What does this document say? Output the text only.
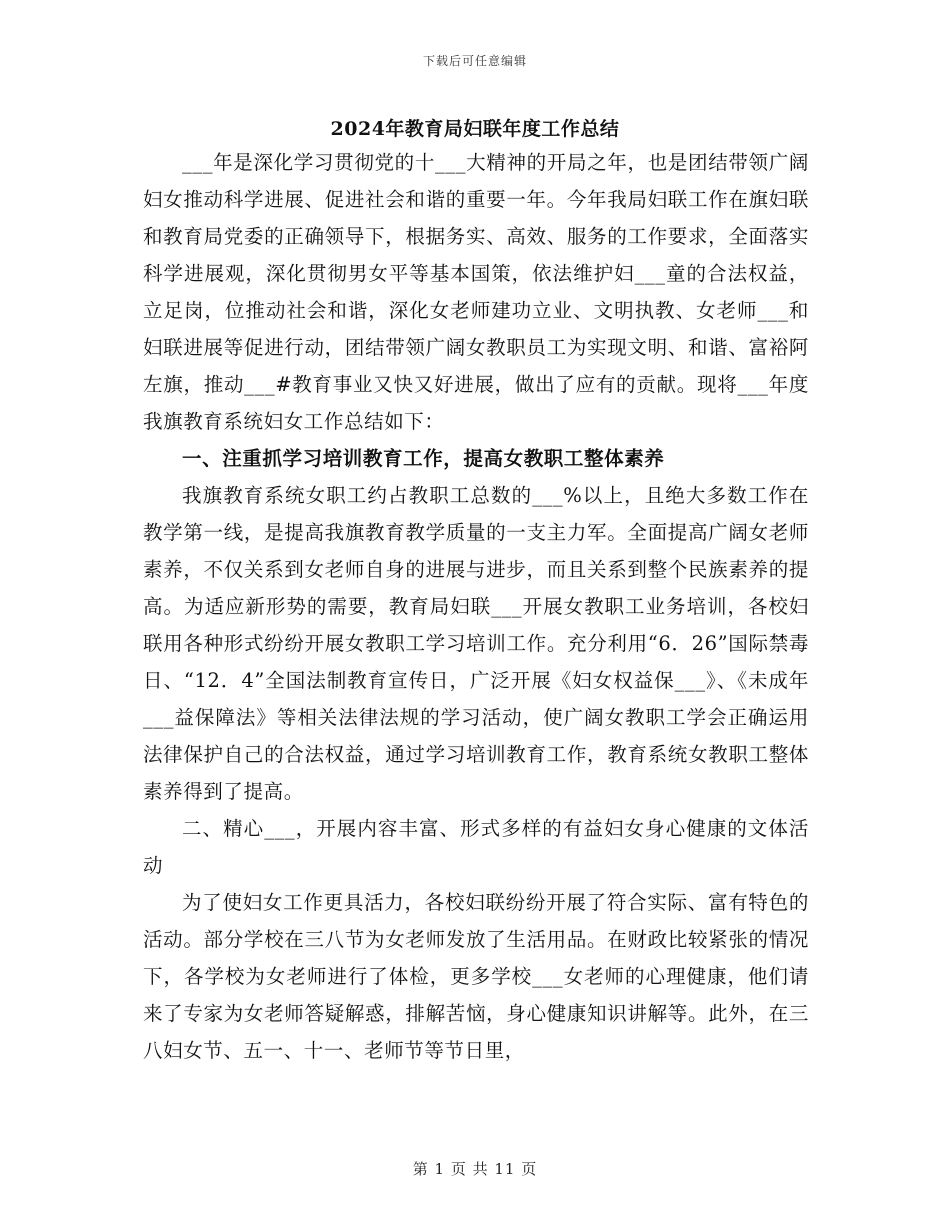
下载后可任意编辑
2024年教育局妇联年度工作总结

___年是深化学习贯彻党的十___大精神的开局之年，也是团结带领广阔妇女推动科学进展、促进社会和谐的重要一年。今年我局妇联工作在旗妇联和教育局党委的正确领导下，根据务实、高效、服务的工作要求，全面落实科学进展观，深化贯彻男女平等基本国策，依法维护妇___童的合法权益，立足岗，位推动社会和谐，深化女老师建功立业、文明执教、女老师___和妇联进展等促进行动，团结带领广阔女教职员工为实现文明、和谐、富裕阿左旗，推动___#教育事业又快又好进展，做出了应有的贡献。现将___年度我旗教育系统妇女工作总结如下：

一、注重抓学习培训教育工作，提高女教职工整体素养

我旗教育系统女职工约占教职工总数的___%以上，且绝大多数工作在教学第一线，是提高我旗教育教学质量的一支主力军。全面提高广阔女老师素养，不仅关系到女老师自身的进展与进步，而且关系到整个民族素养的提高。为适应新形势的需要，教育局妇联___开展女教职工业务培训，各校妇联用各种形式纷纷开展女教职工学习培训工作。充分利用“6．26”国际禁毒日、“12．4”全国法制教育宣传日，广泛开展《妇女权益保___》、《未成年___益保障法》等相关法律法规的学习活动，使广阔女教职工学会正确运用法律保护自己的合法权益，通过学习培训教育工作，教育系统女教职工整体素养得到了提高。

二、精心___，开展内容丰富、形式多样的有益妇女身心健康的文体活动

为了使妇女工作更具活力，各校妇联纷纷开展了符合实际、富有特色的活动。部分学校在三八节为女老师发放了生活用品。在财政比较紧张的情况下，各学校为女老师进行了体检，更多学校___女老师的心理健康，他们请来了专家为女老师答疑解惑，排解苦恼，身心健康知识讲解等。此外，在三八妇女节、五一、十一、老师节等节日里，

第 1 页 共 11 页
